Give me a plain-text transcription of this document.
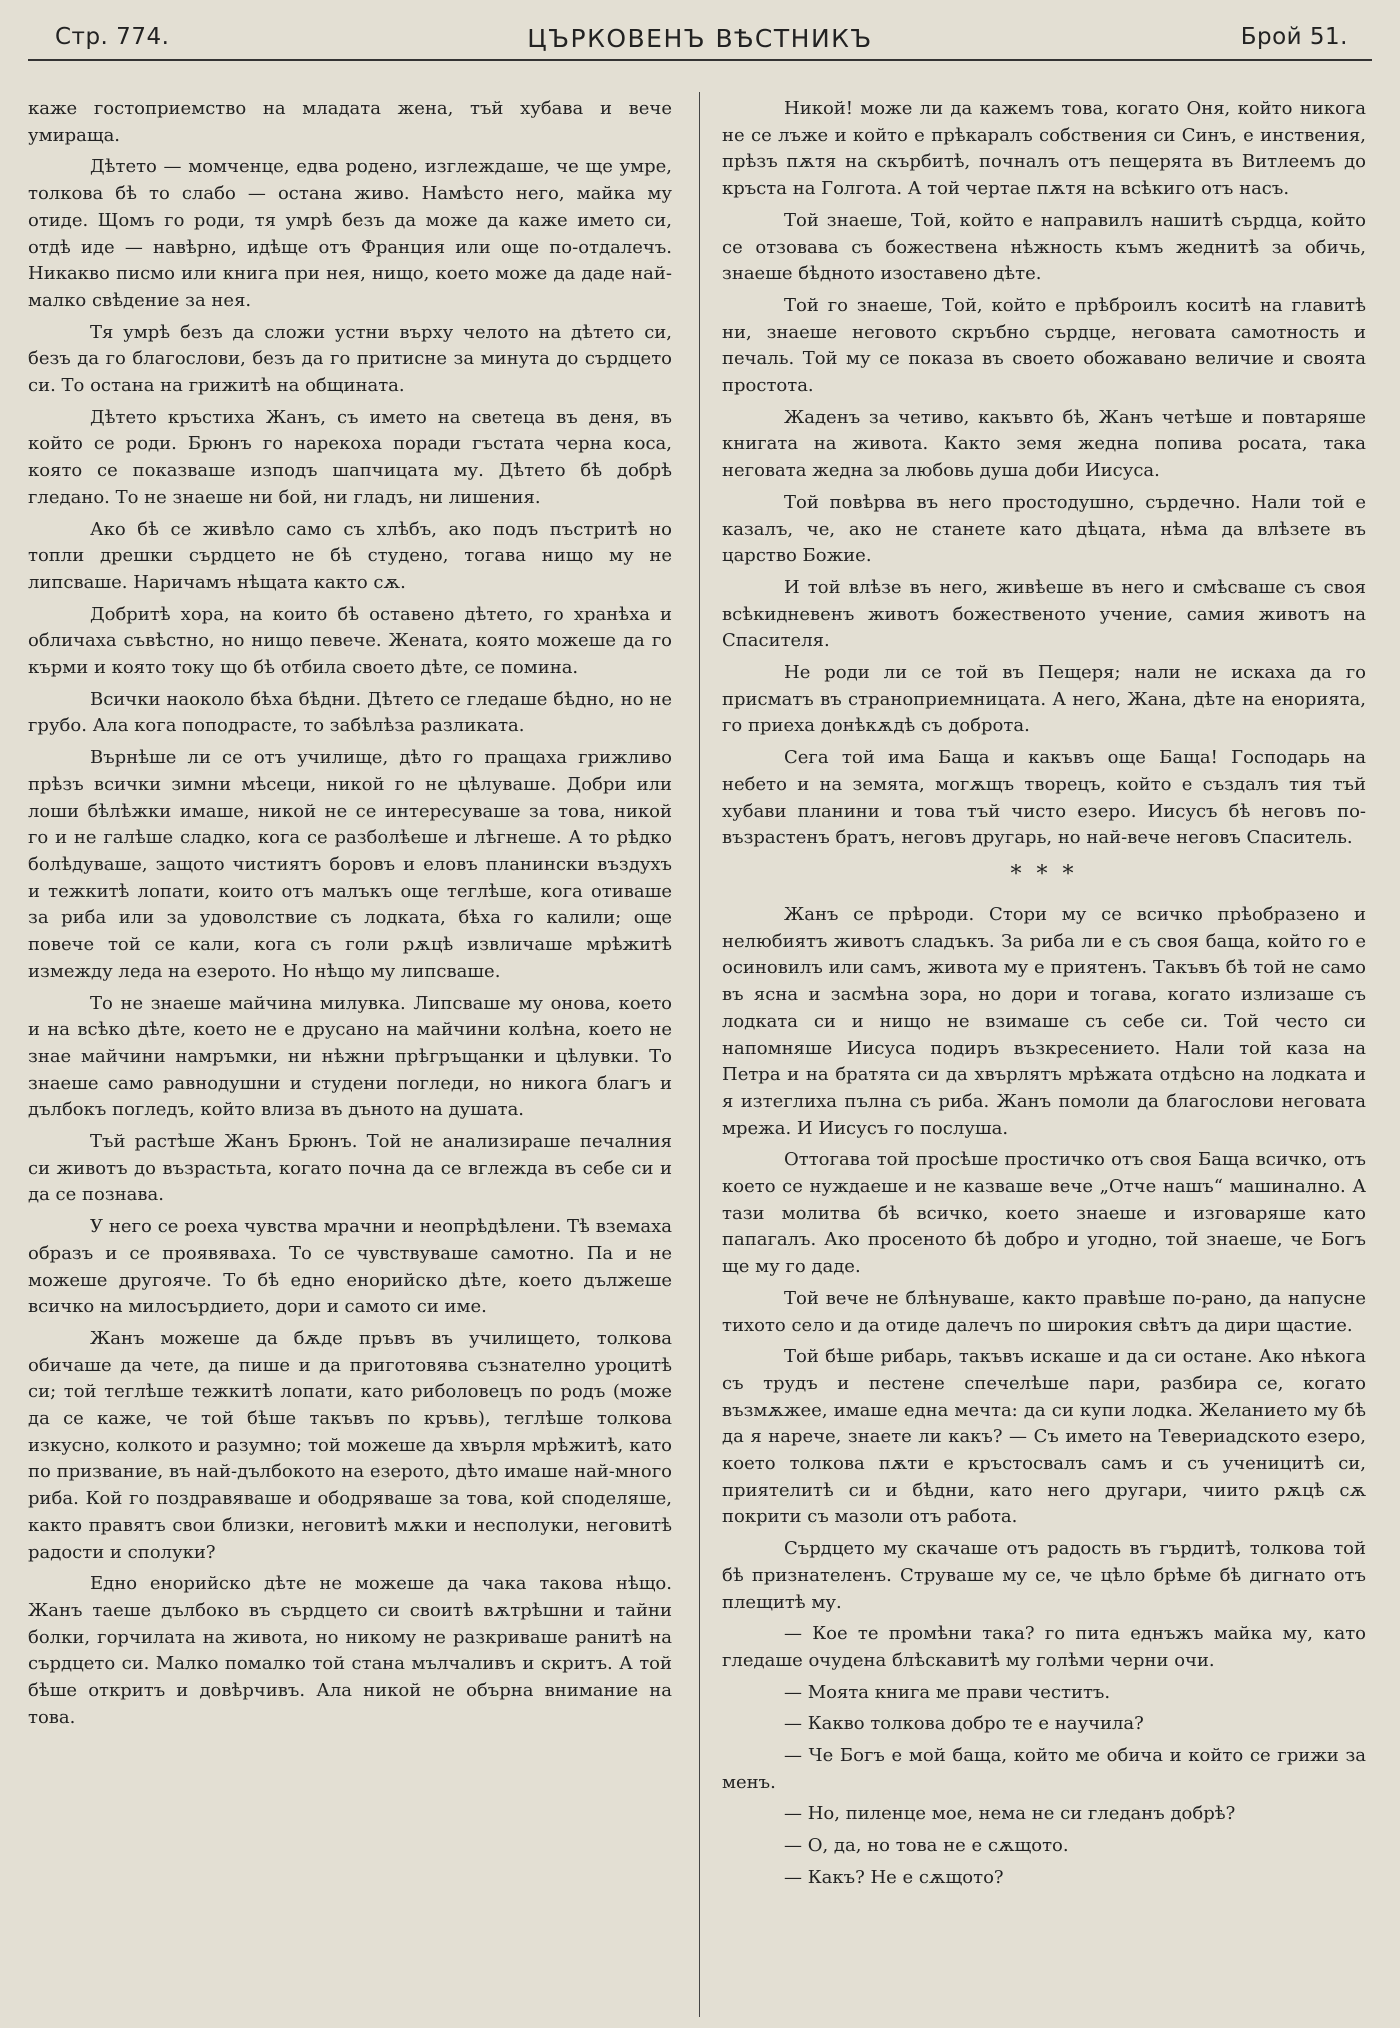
Стр. 774.	ЦЪРКОВЕНЪ ВѢСТНИКЪ	Брой 51.

каже гостоприемство на младата жена, тъй хубава и вече умираща.

Дѣтето — момченце, едва родено, изглеждаше, че ще умре, толкова бѣ то слабо — остана живо. Намѣсто него, майка му отиде. Щомъ го роди, тя умрѣ безъ да може да каже името си, отдѣ иде — навѣрно, идѣще отъ Франция или още по-отдалечъ. Никакво писмо или книга при нея, нищо, което може да даде най-малко свѣдение за нея.

Тя умрѣ безъ да сложи устни върху челото на дѣтето си, безъ да го благослови, безъ да го притисне за минута до сърдцето си. То остана на грижитѣ на общината.

Дѣтето кръстиха Жанъ, съ името на светеца въ деня, въ който се роди. Брюнъ го нарекоха поради гъстата черна коса, която се показваше изподъ шапчицата му. Дѣтето бѣ добрѣ гледано. То не знаеше ни бой, ни гладъ, ни лишения.

Ако бѣ се живѣло само съ хлѣбъ, ако подъ пъстритѣ но топли дрешки сърдцето не бѣ студено, тогава нищо му не липсваше. Наричамъ нѣщата както сѫ.

Добритѣ хора, на които бѣ оставено дѣтето, го хранѣха и обличаха съвѣстно, но нищо певече. Жената, която можеше да го кърми и която току що бѣ отбила своето дѣте, се помина.

Всички наоколо бѣха бѣдни. Дѣтето се гледаше бѣдно, но не грубо. Ала кога поподрасте, то забѣлѣза разликата.

Върнѣше ли се отъ училище, дѣто го пращаха грижливо прѣзъ всички зимни мѣсеци, никой го не цѣлуваше. Добри или лоши бѣлѣжки имаше, никой не се интересуваше за това, никой го и не галѣше сладко, кога се разболѣеше и лѣгнеше. А то рѣдко болѣдуваше, защото чистиятъ боровъ и еловъ планински въздухъ и тежкитѣ лопати, които отъ малъкъ още теглѣше, кога отиваше за риба или за удоволствие съ лодката, бѣха го калили; още повече той се кали, кога съ голи рѫцѣ извличаше мрѣжитѣ измежду леда на езерото. Но нѣщо му липсваше.

То не знаеше майчина милувка. Липсваше му онова, което и на всѣко дѣте, което не е друсано на майчини колѣна, което не знае майчини намръмки, ни нѣжни прѣгръщанки и цѣлувки. То знаеше само равнодушни и студени погледи, но никога благъ и дълбокъ погледъ, който влиза въ дъното на душата.

Тъй растѣше Жанъ Брюнъ. Той не анализираше печалния си животъ до възрастьта, когато почна да се вглежда въ себе си и да се познава.

У него се роеха чувства мрачни и неопрѣдѣлени. Тѣ вземаха образъ и се проявяваха. То се чувствуваше самотно. Па и не можеше другояче. То бѣ едно енорийско дѣте, което дължеше всичко на милосърдието, дори и самото си име.

Жанъ можеше да бѫде пръвъ въ училището, толкова обичаше да чете, да пише и да приготовява съзнателно уроцитѣ си; той теглѣше тежкитѣ лопати, като риболовецъ по родъ (може да се каже, че той бѣше такъвъ по кръвь), теглѣше толкова изкусно, колкото и разумно; той можеше да хвърля мрѣжитѣ, като по призвание, въ най-дълбокото на езерото, дѣто имаше най-много риба. Кой го поздравяваше и ободряваше за това, кой споделяше, както правятъ свои близки, неговитѣ мѫки и несполуки, неговитѣ радости и сполуки?

Едно енорийско дѣте не можеше да чака такова нѣщо. Жанъ таеше дълбоко въ сърдцето си своитѣ вѫтрѣшни и тайни болки, горчилата на живота, но никому не разкриваше ранитѣ на сърдцето си. Малко помалко той стана мълчаливъ и скритъ. А той бѣше откритъ и довѣрчивъ. Ала никой не обърна внимание на това.

Никой! може ли да кажемъ това, когато Оня, който никога не се лъже и който е прѣкаралъ собствения си Синъ, е инствения, прѣзъ пѫтя на скърбитѣ, почналъ отъ пещерята въ Витлеемъ до кръста на Голгота. А той чертае пѫтя на всѣкиго отъ насъ.

Той знаеше, Той, който е направилъ нашитѣ сърдца, който се отзовава съ божествена нѣжность къмъ жеднитѣ за обичь, знаеше бѣдното изоставено дѣте.

Той го знаеше, Той, който е прѣброилъ коситѣ на главитѣ ни, знаеше неговото скръбно сърдце, неговата самотность и печаль. Той му се показа въ своето обожавано величие и своята простота.

Жаденъ за четиво, какъвто бѣ, Жанъ четѣше и повтаряше книгата на живота. Както земя жедна попива росата, така неговата жедна за любовь душа доби Иисуса.

Той повѣрва въ него простодушно, сърдечно. Нали той е казалъ, че, ако не станете като дѣцата, нѣма да влѣзете въ царство Божие.

И той влѣзе въ него, живѣеше въ него и смѣсваше съ своя всѣкидневенъ животъ божественото учение, самия животъ на Спасителя.

Не роди ли се той въ Пещеря; нали не искаха да го присматъ въ страноприемницата. А него, Жана, дѣте на енорията, го приеха донѣкѫдѣ съ доброта.

Сега той има Баща и какъвъ още Баща! Господарь на небето и на земята, могѫщъ творецъ, който е създалъ тия тъй хубави планини и това тъй чисто езеро. Иисусъ бѣ неговъ по-възрастенъ братъ, неговъ другарь, но най-вече неговъ Спаситель.

* * *

Жанъ се прѣроди. Стори му се всичко прѣобразено и нелюбиятъ животъ сладъкъ. За риба ли е съ своя баща, който го е осиновилъ или самъ, живота му е приятенъ. Такъвъ бѣ той не само въ ясна и засмѣна зора, но дори и тогава, когато излизаше съ лодката си и нищо не взимаше съ себе си. Той често си напомняше Иисуса подиръ възкресението. Нали той каза на Петра и на братята си да хвърлятъ мрѣжата отдѣсно на лодката и я изтеглиха пълна съ риба. Жанъ помоли да благослови неговата мрежа. И Иисусъ го послуша.

Оттогава той просѣше простичко отъ своя Баща всичко, отъ което се нуждаеше и не казваше вече „Отче нашъ“ машинално. А тази молитва бѣ всичко, което знаеше и изговаряше като папагалъ. Ако просеното бѣ добро и угодно, той знаеше, че Богъ ще му го даде.

Той вече не блѣнуваше, както правѣше по-рано, да напусне тихото село и да отиде далечъ по широкия свѣтъ да дири щастие.

Той бѣше рибарь, такъвъ искаше и да си остане. Ако нѣкога съ трудъ и пестене спечелѣше пари, разбира се, когато възмѫжее, имаше една мечта: да си купи лодка. Желанието му бѣ да я нарече, знаете ли какъ? — Съ името на Тевериадското езеро, което толкова пѫти е кръстосвалъ самъ и съ ученицитѣ си, приятелитѣ си и бѣдни, като него другари, чиито рѫцѣ сѫ покрити съ мазоли отъ работа.

Сърдцето му скачаше отъ радость въ гърдитѣ, толкова той бѣ признателенъ. Струваше му се, че цѣло брѣме бѣ дигнато отъ плещитѣ му.

— Кое те промѣни така? го пита еднъжъ майка му, като гледаше очудена блѣскавитѣ му голѣми черни очи.

— Моята книга ме прави честитъ.

— Какво толкова добро те е научила?

— Че Богъ е мой баща, който ме обича и който се грижи за менъ.

— Но, пиленце мое, нема не си гледанъ добрѣ?

— О, да, но това не е сѫщото.

— Какъ? Не е сѫщото?
